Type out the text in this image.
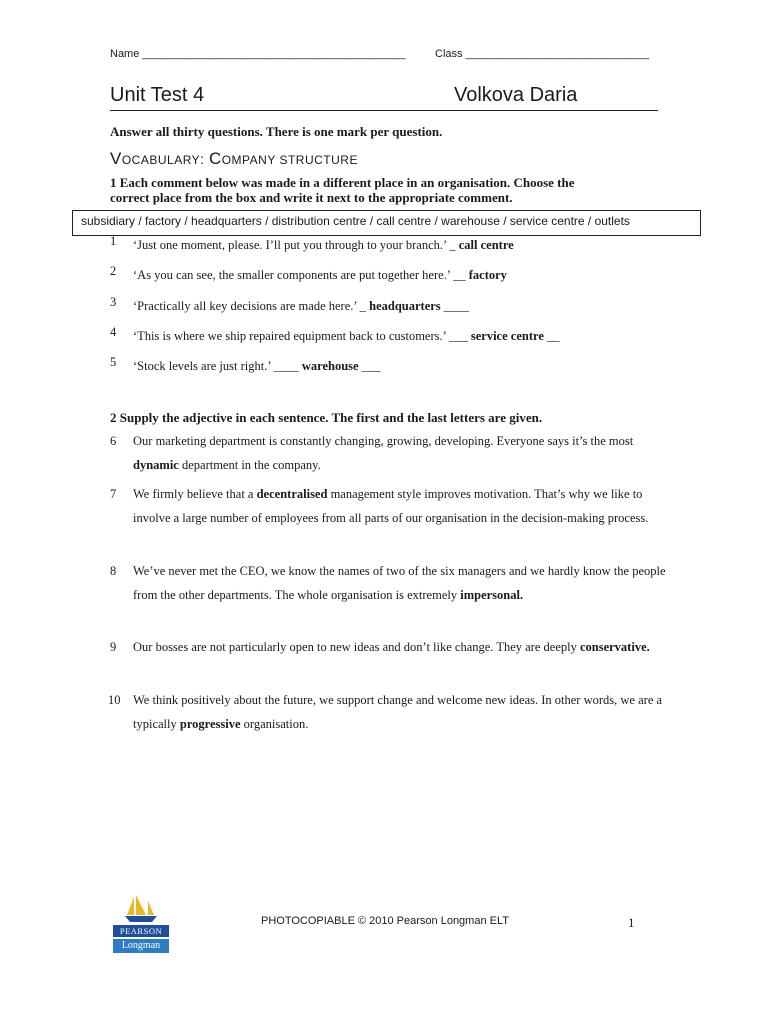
Name ___________________________________________	Class ______________________________
Unit Test 4	Volkova Daria
Answer all thirty questions. There is one mark per question.
VOCABULARY: COMPANY STRUCTURE
1 Each comment below was made in a different place in an organisation. Choose the
correct place from the box and write it next to the appropriate comment.
subsidiary / factory / headquarters / distribution centre / call centre / warehouse / service centre / outlets
1 ‘Just one moment, please. I’ll put you through to your branch.’ _ call centre
2 ‘As you can see, the smaller components are put together here.’ __ factory
3 ‘Practically all key decisions are made here.’ _ headquarters ____
4 ‘This is where we ship repaired equipment back to customers.’ ___ service centre __
5 ‘Stock levels are just right.’ ____ warehouse ___
2 Supply the adjective in each sentence. The first and the last letters are given.
6 Our marketing department is constantly changing, growing, developing. Everyone says it’s the most dynamic department in the company.
7 We firmly believe that a decentralised management style improves motivation. That’s why we like to involve a large number of employees from all parts of our organisation in the decision-making process.
8 We’ve never met the CEO, we know the names of two of the six managers and we hardly know the people from the other departments. The whole organisation is extremely impersonal.
9 Our bosses are not particularly open to new ideas and don’t like change. They are deeply conservative.
10 We think positively about the future, we support change and welcome new ideas. In other words, we are a typically progressive organisation.
PEARSON
Longman
PHOTOCOPIABLE © 2010 Pearson Longman ELT	1
